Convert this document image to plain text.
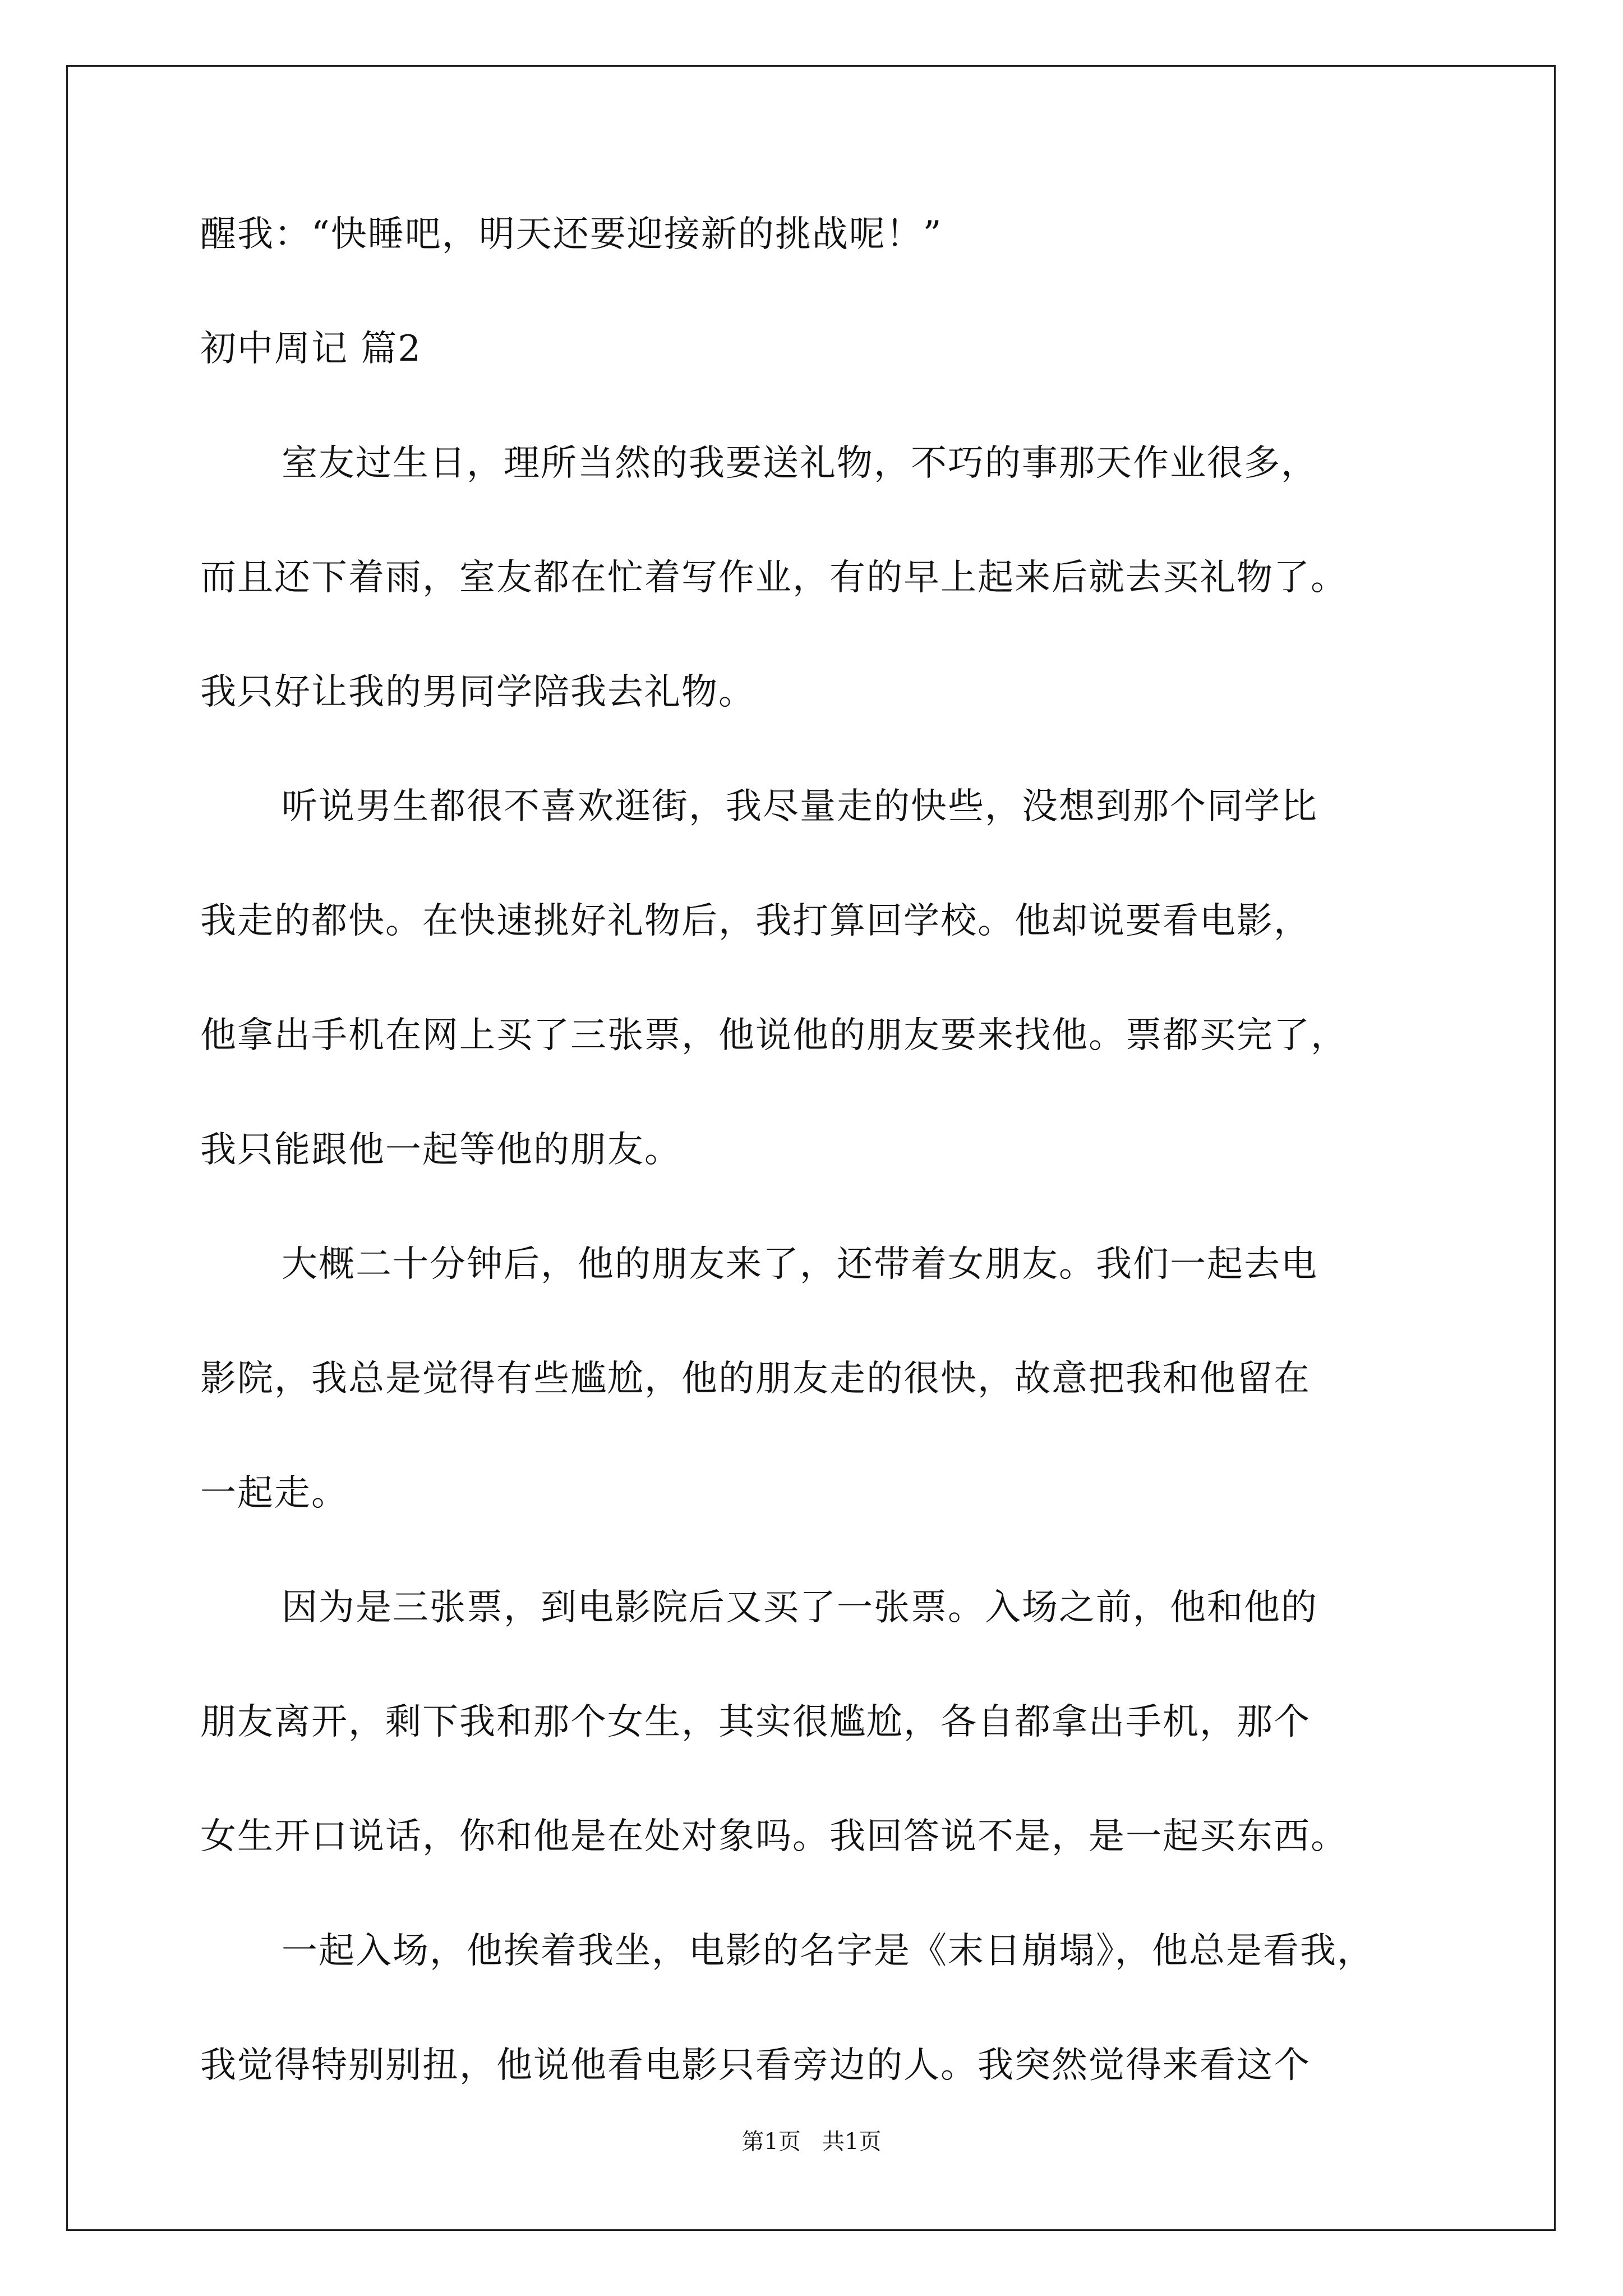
醒我：“快睡吧，明天还要迎接新的挑战呢！”
初中周记 篇2
室友过生日，理所当然的我要送礼物，不巧的事那天作业很多，
而且还下着雨，室友都在忙着写作业，有的早上起来后就去买礼物了。
我只好让我的男同学陪我去礼物。
听说男生都很不喜欢逛街，我尽量走的快些，没想到那个同学比
我走的都快。在快速挑好礼物后，我打算回学校。他却说要看电影，
他拿出手机在网上买了三张票，他说他的朋友要来找他。票都买完了，
我只能跟他一起等他的朋友。
大概二十分钟后，他的朋友来了，还带着女朋友。我们一起去电
影院，我总是觉得有些尴尬，他的朋友走的很快，故意把我和他留在
一起走。
因为是三张票，到电影院后又买了一张票。入场之前，他和他的
朋友离开，剩下我和那个女生，其实很尴尬，各自都拿出手机，那个
女生开口说话，你和他是在处对象吗。我回答说不是，是一起买东西。
一起入场，他挨着我坐，电影的名字是《末日崩塌》，他总是看我，
第1页   共1页
我觉得特别别扭，他说他看电影只看旁边的人。我突然觉得来看这个
